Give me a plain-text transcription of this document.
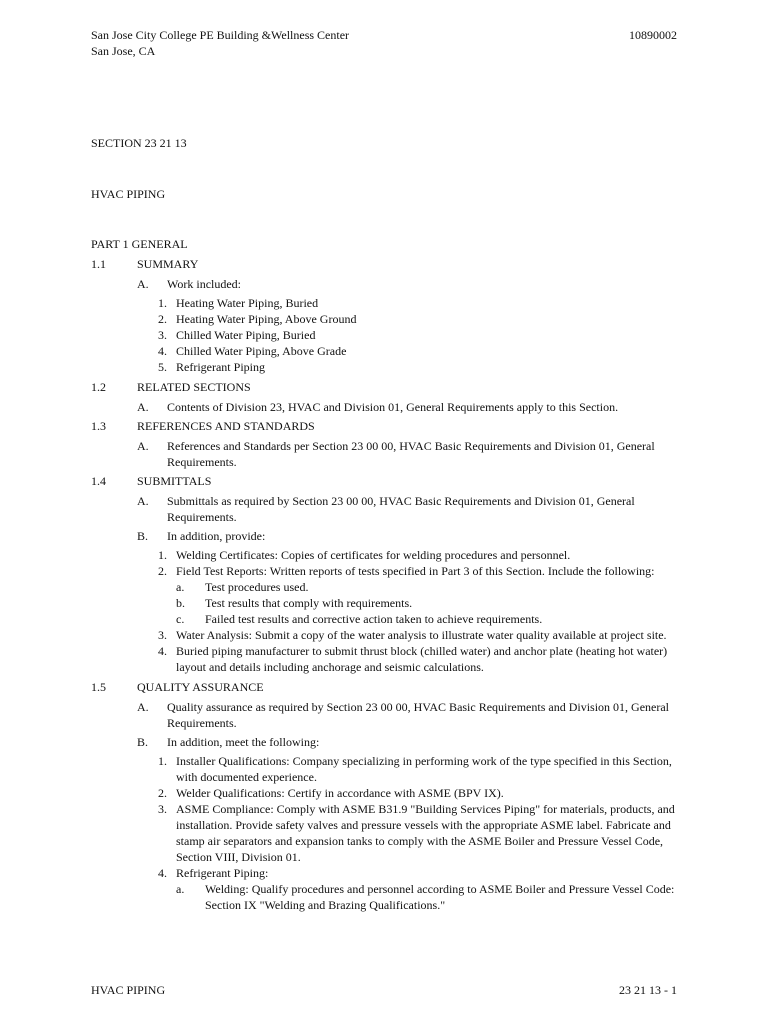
San Jose City College PE Building &Wellness Center
San Jose, CA
10890002
SECTION 23 21 13
HVAC PIPING
PART 1 GENERAL
1.1	SUMMARY
A.	Work included:
1. Heating Water Piping, Buried
2. Heating Water Piping, Above Ground
3. Chilled Water Piping, Buried
4. Chilled Water Piping, Above Grade
5. Refrigerant Piping
1.2	RELATED SECTIONS
A.	Contents of Division 23, HVAC and Division 01, General Requirements apply to this Section.
1.3	REFERENCES AND STANDARDS
A.	References and Standards per Section 23 00 00, HVAC Basic Requirements and Division 01, General Requirements.
1.4	SUBMITTALS
A.	Submittals as required by Section 23 00 00, HVAC Basic Requirements and Division 01, General Requirements.
B.	In addition, provide:
1. Welding Certificates: Copies of certificates for welding procedures and personnel.
2. Field Test Reports: Written reports of tests specified in Part 3 of this Section. Include the following:
a.	Test procedures used.
b.	Test results that comply with requirements.
c.	Failed test results and corrective action taken to achieve requirements.
3. Water Analysis: Submit a copy of the water analysis to illustrate water quality available at project site.
4. Buried piping manufacturer to submit thrust block (chilled water) and anchor plate (heating hot water) layout and details including anchorage and seismic calculations.
1.5	QUALITY ASSURANCE
A.	Quality assurance as required by Section 23 00 00, HVAC Basic Requirements and Division 01, General Requirements.
B.	In addition, meet the following:
1. Installer Qualifications: Company specializing in performing work of the type specified in this Section, with documented experience.
2. Welder Qualifications: Certify in accordance with ASME (BPV IX).
3. ASME Compliance: Comply with ASME B31.9 "Building Services Piping" for materials, products, and installation. Provide safety valves and pressure vessels with the appropriate ASME label. Fabricate and stamp air separators and expansion tanks to comply with the ASME Boiler and Pressure Vessel Code, Section VIII, Division 01.
4. Refrigerant Piping:
a.	Welding: Qualify procedures and personnel according to ASME Boiler and Pressure Vessel Code: Section IX "Welding and Brazing Qualifications."
HVAC PIPING	23 21 13 - 1
